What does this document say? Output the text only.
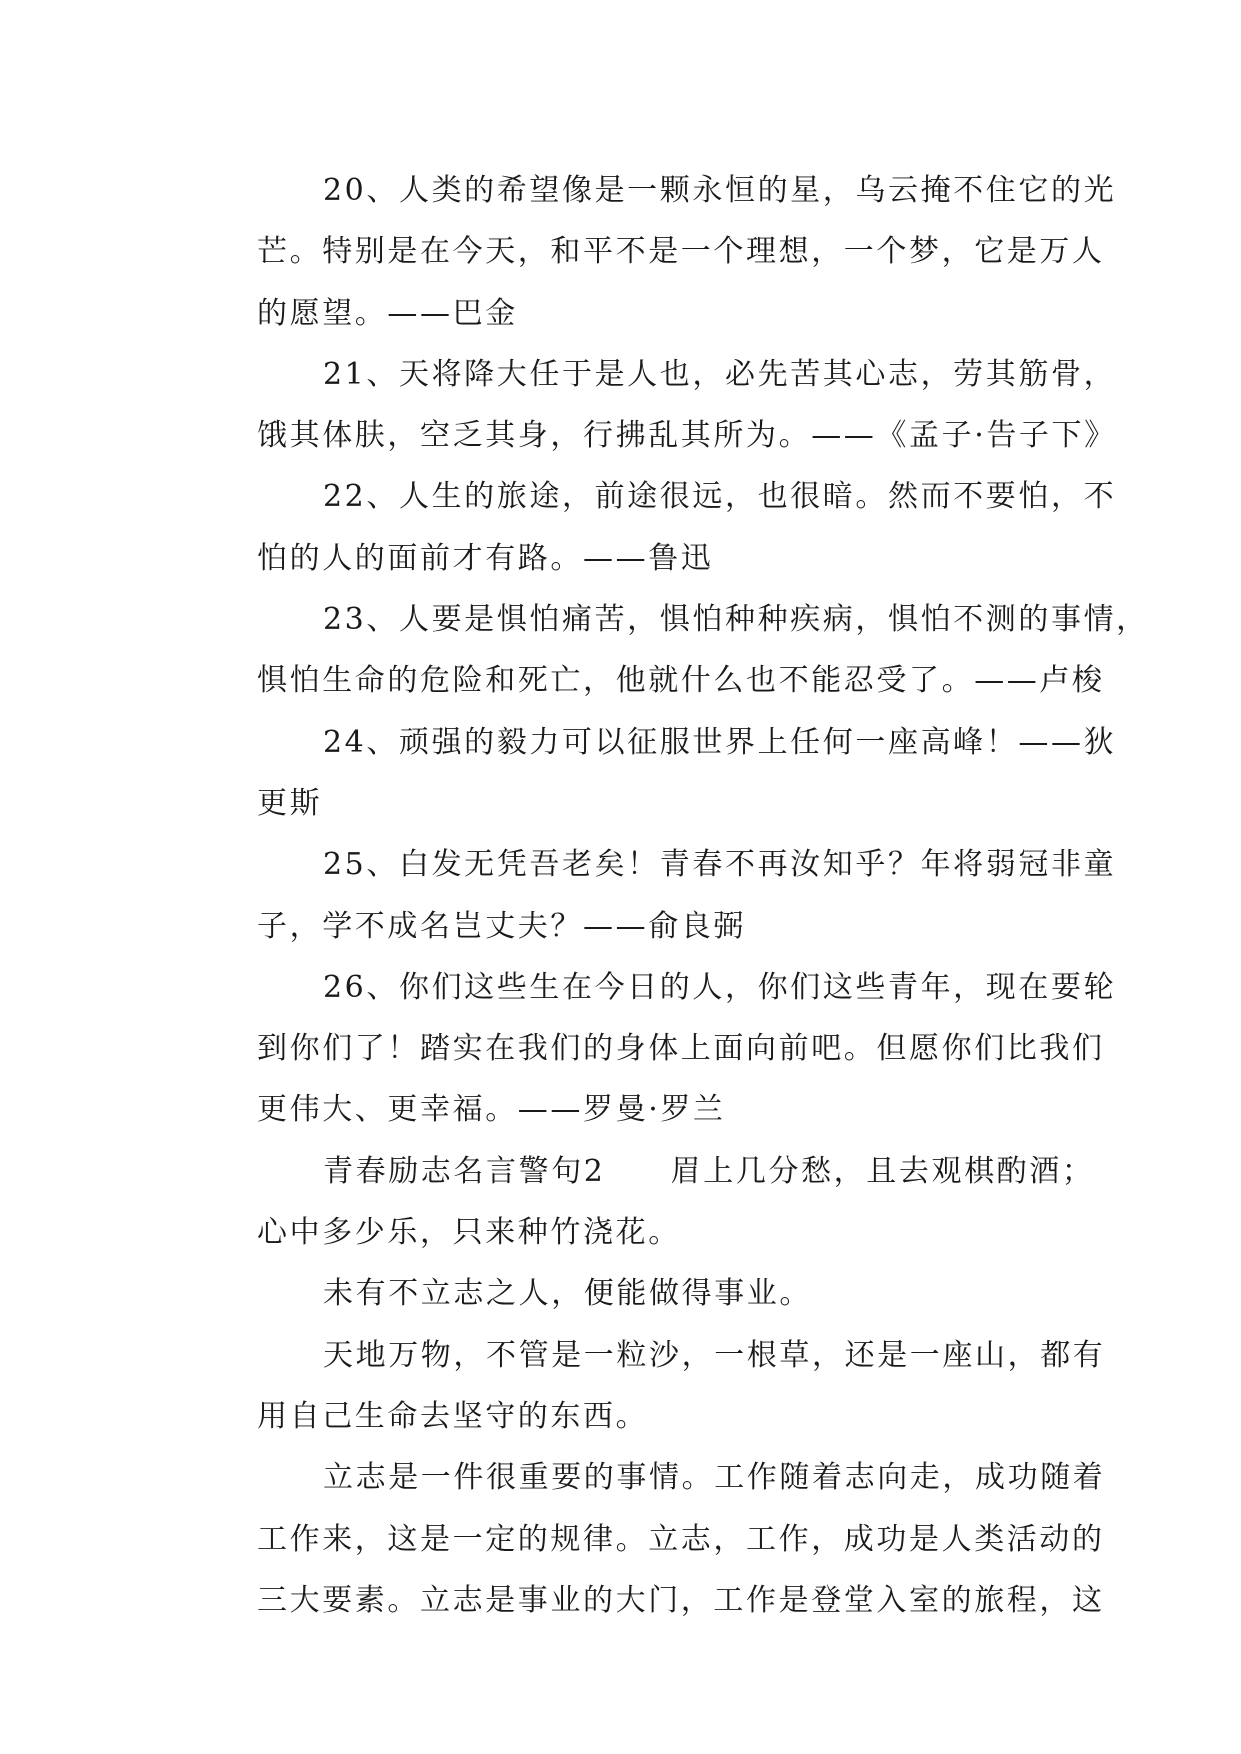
20、人类的希望像是一颗永恒的星，乌云掩不住它的光
芒。特别是在今天，和平不是一个理想，一个梦，它是万人
的愿望。——巴金
21、天将降大任于是人也，必先苦其心志，劳其筋骨，
饿其体肤，空乏其身，行拂乱其所为。——《孟子·告子下》
22、人生的旅途，前途很远，也很暗。然而不要怕，不
怕的人的面前才有路。——鲁迅
23、人要是惧怕痛苦，惧怕种种疾病，惧怕不测的事情，
惧怕生命的危险和死亡，他就什么也不能忍受了。——卢梭
24、顽强的毅力可以征服世界上任何一座高峰！——狄
更斯
25、白发无凭吾老矣！青春不再汝知乎？年将弱冠非童
子，学不成名岂丈夫？——俞良弼
26、你们这些生在今日的人，你们这些青年，现在要轮
到你们了！踏实在我们的身体上面向前吧。但愿你们比我们
更伟大、更幸福。——罗曼·罗兰
青春励志名言警句2　　眉上几分愁，且去观棋酌酒；
心中多少乐，只来种竹浇花。
未有不立志之人，便能做得事业。
天地万物，不管是一粒沙，一根草，还是一座山，都有
用自己生命去坚守的东西。
立志是一件很重要的事情。工作随着志向走，成功随着
工作来，这是一定的规律。立志，工作，成功是人类活动的
三大要素。立志是事业的大门，工作是登堂入室的旅程，这
